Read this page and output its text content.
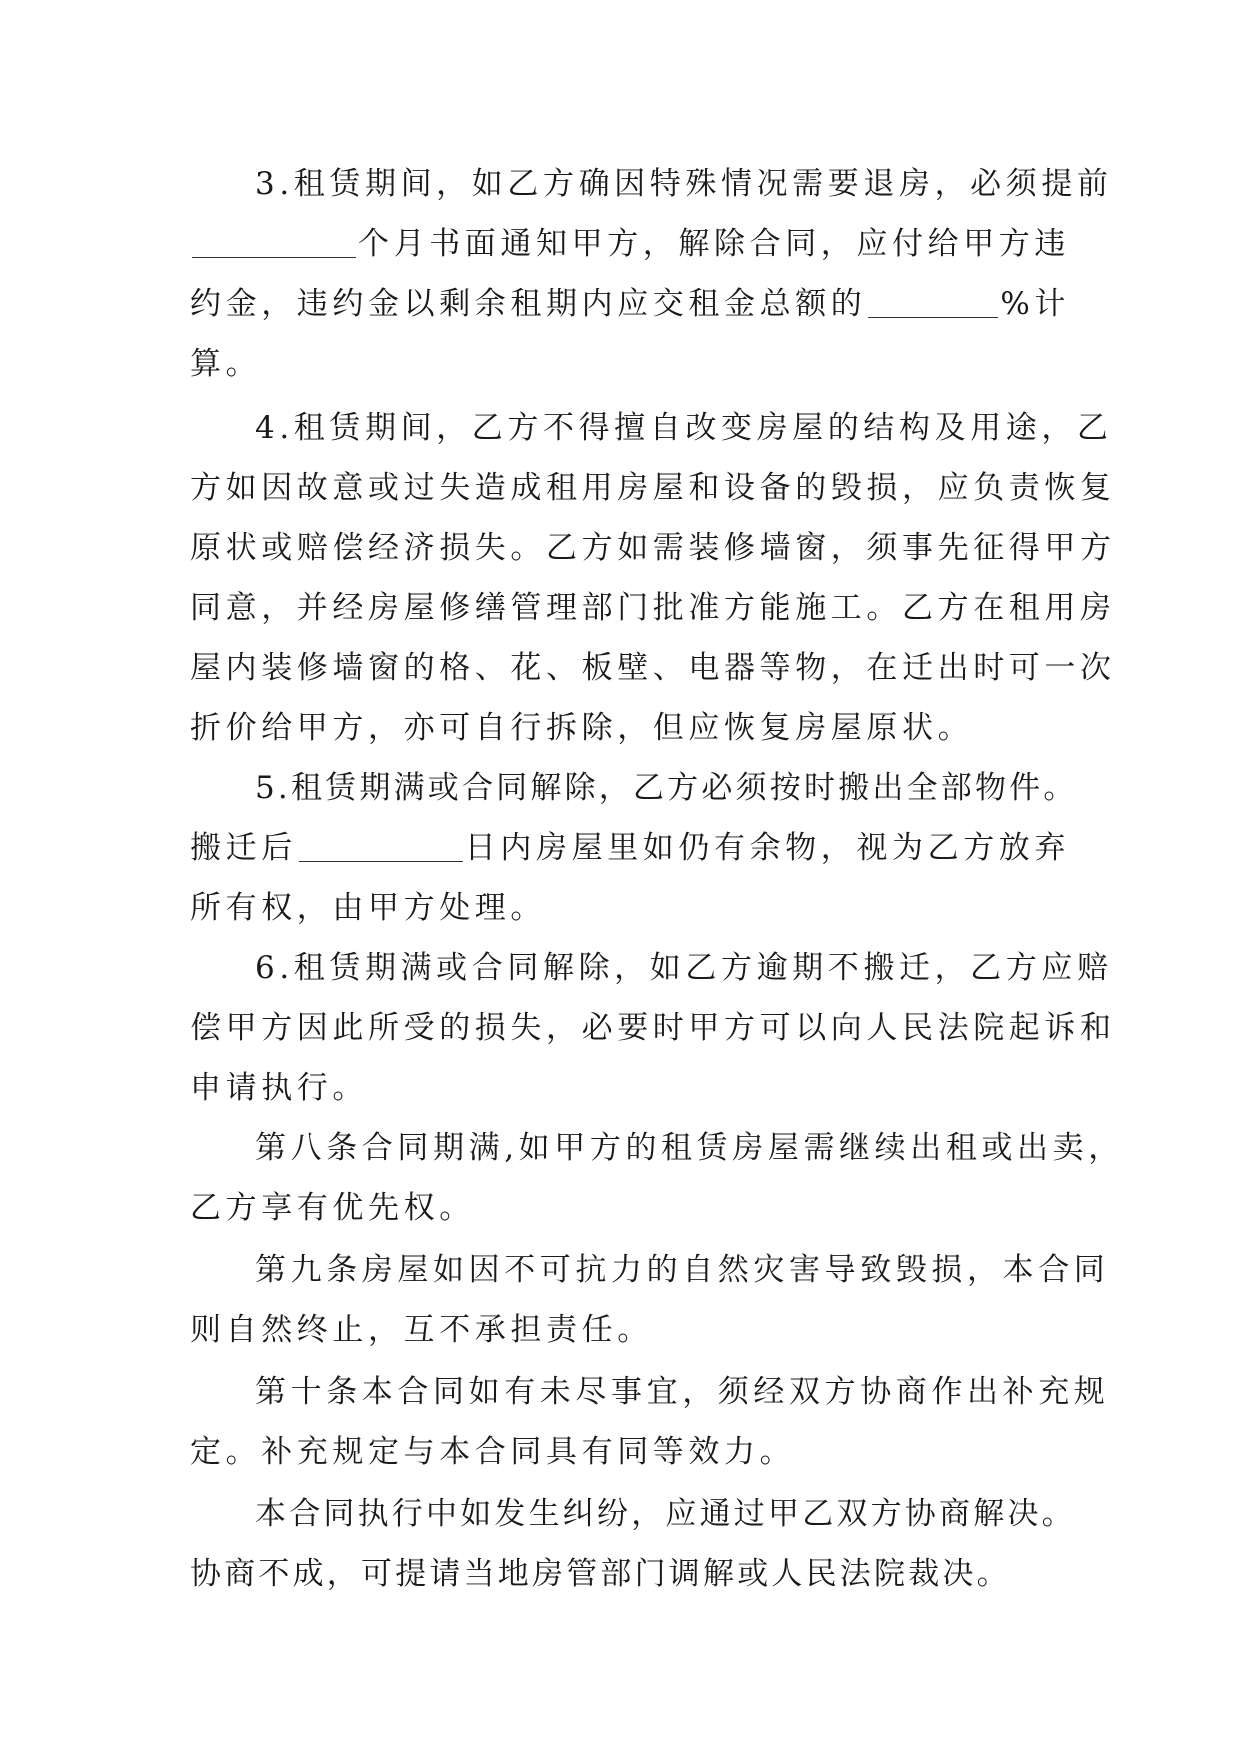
3.租赁期间，如乙方确因特殊情况需要退房，必须提前
个月书面通知甲方，解除合同，应付给甲方违
约金，违约金以剩余租期内应交租金总额的	%计
算。
4.租赁期间，乙方不得擅自改变房屋的结构及用途，乙
方如因故意或过失造成租用房屋和设备的毁损，应负责恢复
原状或赔偿经济损失。乙方如需装修墙窗，须事先征得甲方
同意，并经房屋修缮管理部门批准方能施工。乙方在租用房
屋内装修墙窗的格、花、板壁、电器等物，在迁出时可一次
折价给甲方，亦可自行拆除，但应恢复房屋原状。
5.租赁期满或合同解除，乙方必须按时搬出全部物件。
搬迁后	日内房屋里如仍有余物，视为乙方放弃
所有权，由甲方处理。
6.租赁期满或合同解除，如乙方逾期不搬迁，乙方应赔
偿甲方因此所受的损失，必要时甲方可以向人民法院起诉和
申请执行。
第八条合同期满,如甲方的租赁房屋需继续出租或出卖，
乙方享有优先权。
第九条房屋如因不可抗力的自然灾害导致毁损，本合同
则自然终止，互不承担责任。
第十条本合同如有未尽事宜，须经双方协商作出补充规
定。补充规定与本合同具有同等效力。
本合同执行中如发生纠纷，应通过甲乙双方协商解决。
协商不成，可提请当地房管部门调解或人民法院裁决。
